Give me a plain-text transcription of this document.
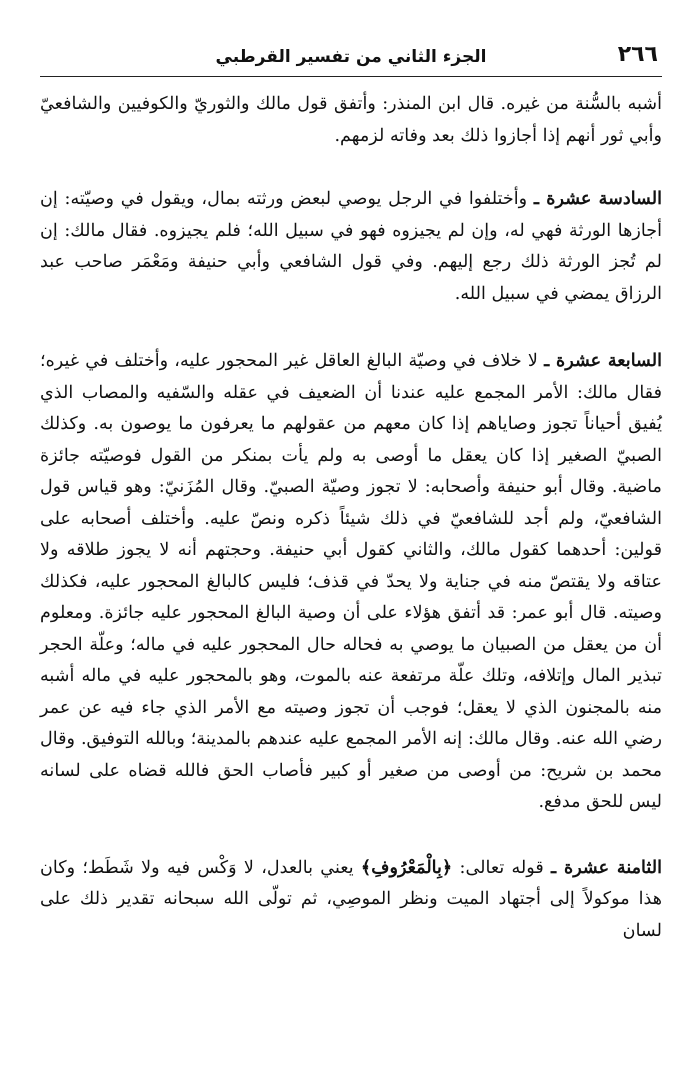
٢٦٦
الجزء الثاني من تفسير القرطبي

أشبه بالسُّنة من غيره. قال ابن المنذر: وأتفق قول مالك والثوريّ والكوفيين والشافعيّ وأبي ثور أنهم إذا أجازوا ذلك بعد وفاته لزمهم.

السادسة عشرة ـ وأختلفوا في الرجل يوصي لبعض ورثته بمال، ويقول في وصيّته: إن أجازها الورثة فهي له، وإن لم يجيزوه فهو في سبيل الله؛ فلم يجيزوه. فقال مالك: إن لم تُجز الورثة ذلك رجع إليهم. وفي قول الشافعي وأبي حنيفة ومَعْمَر صاحب عبد الرزاق يمضي في سبيل الله.

السابعة عشرة ـ لا خلاف في وصيّة البالغ العاقل غير المحجور عليه، وأختلف في غيره؛ فقال مالك: الأمر المجمع عليه عندنا أن الضعيف في عقله والسّفيه والمصاب الذي يُفيق أحياناً تجوز وصاياهم إذا كان معهم من عقولهم ما يعرفون ما يوصون به. وكذلك الصبيّ الصغير إذا كان يعقل ما أوصى به ولم يأت بمنكر من القول فوصيّته جائزة ماضية. وقال أبو حنيفة وأصحابه: لا تجوز وصيّة الصبيّ. وقال المُزَنيّ: وهو قياس قول الشافعيّ، ولم أجد للشافعيّ في ذلك شيئاً ذكره ونصّ عليه. وأختلف أصحابه على قولين: أحدهما كقول مالك، والثاني كقول أبي حنيفة. وحجتهم أنه لا يجوز طلاقه ولا عتاقه ولا يقتصّ منه في جناية ولا يحدّ في قذف؛ فليس كالبالغ المحجور عليه، فكذلك وصيته. قال أبو عمر: قد أتفق هؤلاء على أن وصية البالغ المحجور عليه جائزة. ومعلوم أن من يعقل من الصبيان ما يوصي به فحاله حال المحجور عليه في ماله؛ وعلّة الحجر تبذير المال وإتلافه، وتلك علّة مرتفعة عنه بالموت، وهو بالمحجور عليه في ماله أشبه منه بالمجنون الذي لا يعقل؛ فوجب أن تجوز وصيته مع الأمر الذي جاء فيه عن عمر رضي الله عنه. وقال مالك: إنه الأمر المجمع عليه عندهم بالمدينة؛ وبالله التوفيق. وقال محمد بن شريح: من أوصى من صغير أو كبير فأصاب الحق فالله قضاه على لسانه ليس للحق مدفع.

الثامنة عشرة ـ قوله تعالى: ﴿بِالْمَعْرُوفِ﴾ يعني بالعدل، لا وَكْس فيه ولا شَطَط؛ وكان هذا موكولاً إلى أجتهاد الميت ونظر الموصِي، ثم تولّى الله سبحانه تقدير ذلك على لسان
